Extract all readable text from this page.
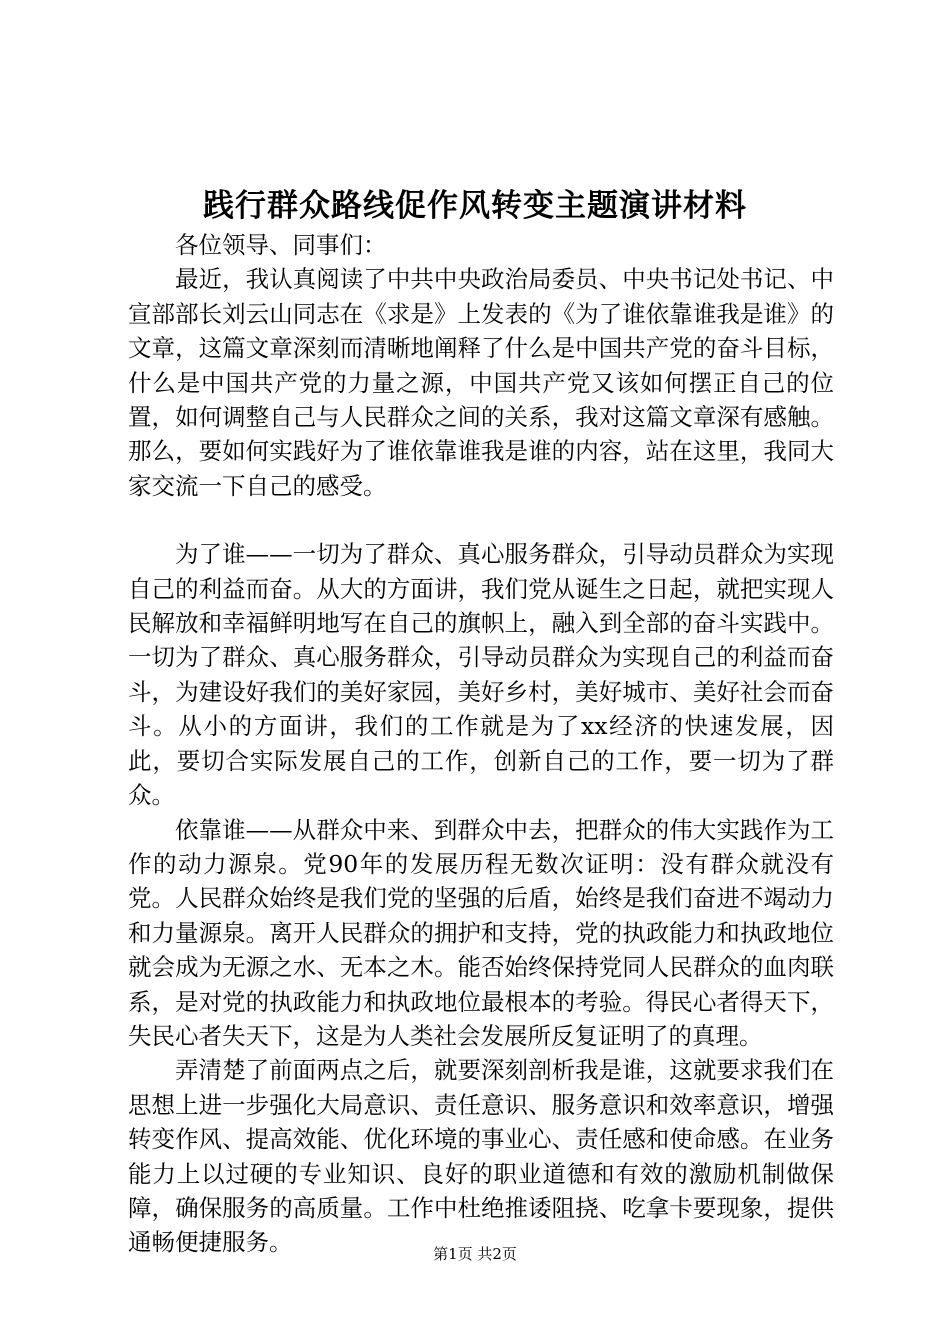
践行群众路线促作风转变主题演讲材料

各位领导、同事们：

最近，我认真阅读了中共中央政治局委员、中央书记处书记、中宣部部长刘云山同志在《求是》上发表的《为了谁依靠谁我是谁》的文章，这篇文章深刻而清晰地阐释了什么是中国共产党的奋斗目标，什么是中国共产党的力量之源，中国共产党又该如何摆正自己的位置，如何调整自己与人民群众之间的关系，我对这篇文章深有感触。那么，要如何实践好为了谁依靠谁我是谁的内容，站在这里，我同大家交流一下自己的感受。

为了谁——一切为了群众、真心服务群众，引导动员群众为实现自己的利益而奋。从大的方面讲，我们党从诞生之日起，就把实现人民解放和幸福鲜明地写在自己的旗帜上，融入到全部的奋斗实践中。一切为了群众、真心服务群众，引导动员群众为实现自己的利益而奋斗，为建设好我们的美好家园，美好乡村，美好城市、美好社会而奋斗。从小的方面讲，我们的工作就是为了xx经济的快速发展，因此，要切合实际发展自己的工作，创新自己的工作，要一切为了群众。

依靠谁——从群众中来、到群众中去，把群众的伟大实践作为工作的动力源泉。党90年的发展历程无数次证明：没有群众就没有党。人民群众始终是我们党的坚强的后盾，始终是我们奋进不竭动力和力量源泉。离开人民群众的拥护和支持，党的执政能力和执政地位就会成为无源之水、无本之木。能否始终保持党同人民群众的血肉联系，是对党的执政能力和执政地位最根本的考验。得民心者得天下，失民心者失天下，这是为人类社会发展所反复证明了的真理。

弄清楚了前面两点之后，就要深刻剖析我是谁，这就要求我们在思想上进一步强化大局意识、责任意识、服务意识和效率意识，增强转变作风、提高效能、优化环境的事业心、责任感和使命感。在业务能力上以过硬的专业知识、良好的职业道德和有效的激励机制做保障，确保服务的高质量。工作中杜绝推诿阻挠、吃拿卡要现象，提供通畅便捷服务。	第1页 共2页
